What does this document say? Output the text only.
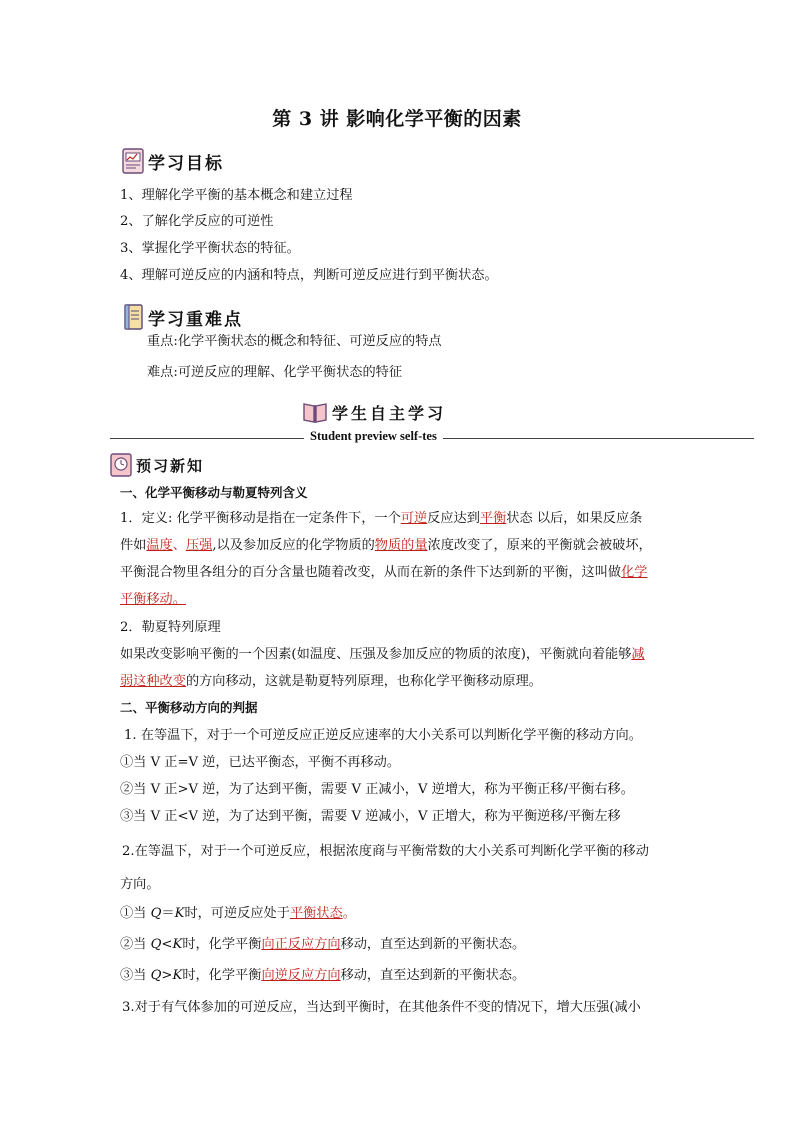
第 3 讲 影响化学平衡的因素
学习目标
1、理解化学平衡的基本概念和建立过程
2、了解化学反应的可逆性
3、掌握化学平衡状态的特征。
4、理解可逆反应的内涵和特点，判断可逆反应进行到平衡状态。
学习重难点
重点:化学平衡状态的概念和特征、可逆反应的特点
难点:可逆反应的理解、化学平衡状态的特征
学生自主学习
Student preview self-tes
预习新知
一、化学平衡移动与勒夏特列含义
1．定义: 化学平衡移动是指在一定条件下，一个可逆反应达到平衡状态 以后，如果反应条
件如温度、压强,以及参加反应的化学物质的物质的量浓度改变了，原来的平衡就会被破坏，
平衡混合物里各组分的百分含量也随着改变，从而在新的条件下达到新的平衡，这叫做化学
平衡移动。
2．勒夏特列原理
如果改变影响平衡的一个因素(如温度、压强及参加反应的物质的浓度)，平衡就向着能够减
弱这种改变的方向移动，这就是勒夏特列原理，也称化学平衡移动原理。
二、平衡移动方向的判据
1. 在等温下，对于一个可逆反应正逆反应速率的大小关系可以判断化学平衡的移动方向。
①当 V 正=V 逆，已达平衡态，平衡不再移动。
②当 V 正>V 逆，为了达到平衡，需要 V 正减小，V 逆增大，称为平衡正移/平衡右移。
③当 V 正<V 逆，为了达到平衡，需要 V 逆减小，V 正增大，称为平衡逆移/平衡左移
2.在等温下，对于一个可逆反应，根据浓度商与平衡常数的大小关系可判断化学平衡的移动
方向。
①当 Q＝K时，可逆反应处于平衡状态。
②当 Q<K时，化学平衡向正反应方向移动，直至达到新的平衡状态。
③当 Q>K时，化学平衡向逆反应方向移动，直至达到新的平衡状态。
3.对于有气体参加的可逆反应，当达到平衡时，在其他条件不变的情况下，增大压强(减小
